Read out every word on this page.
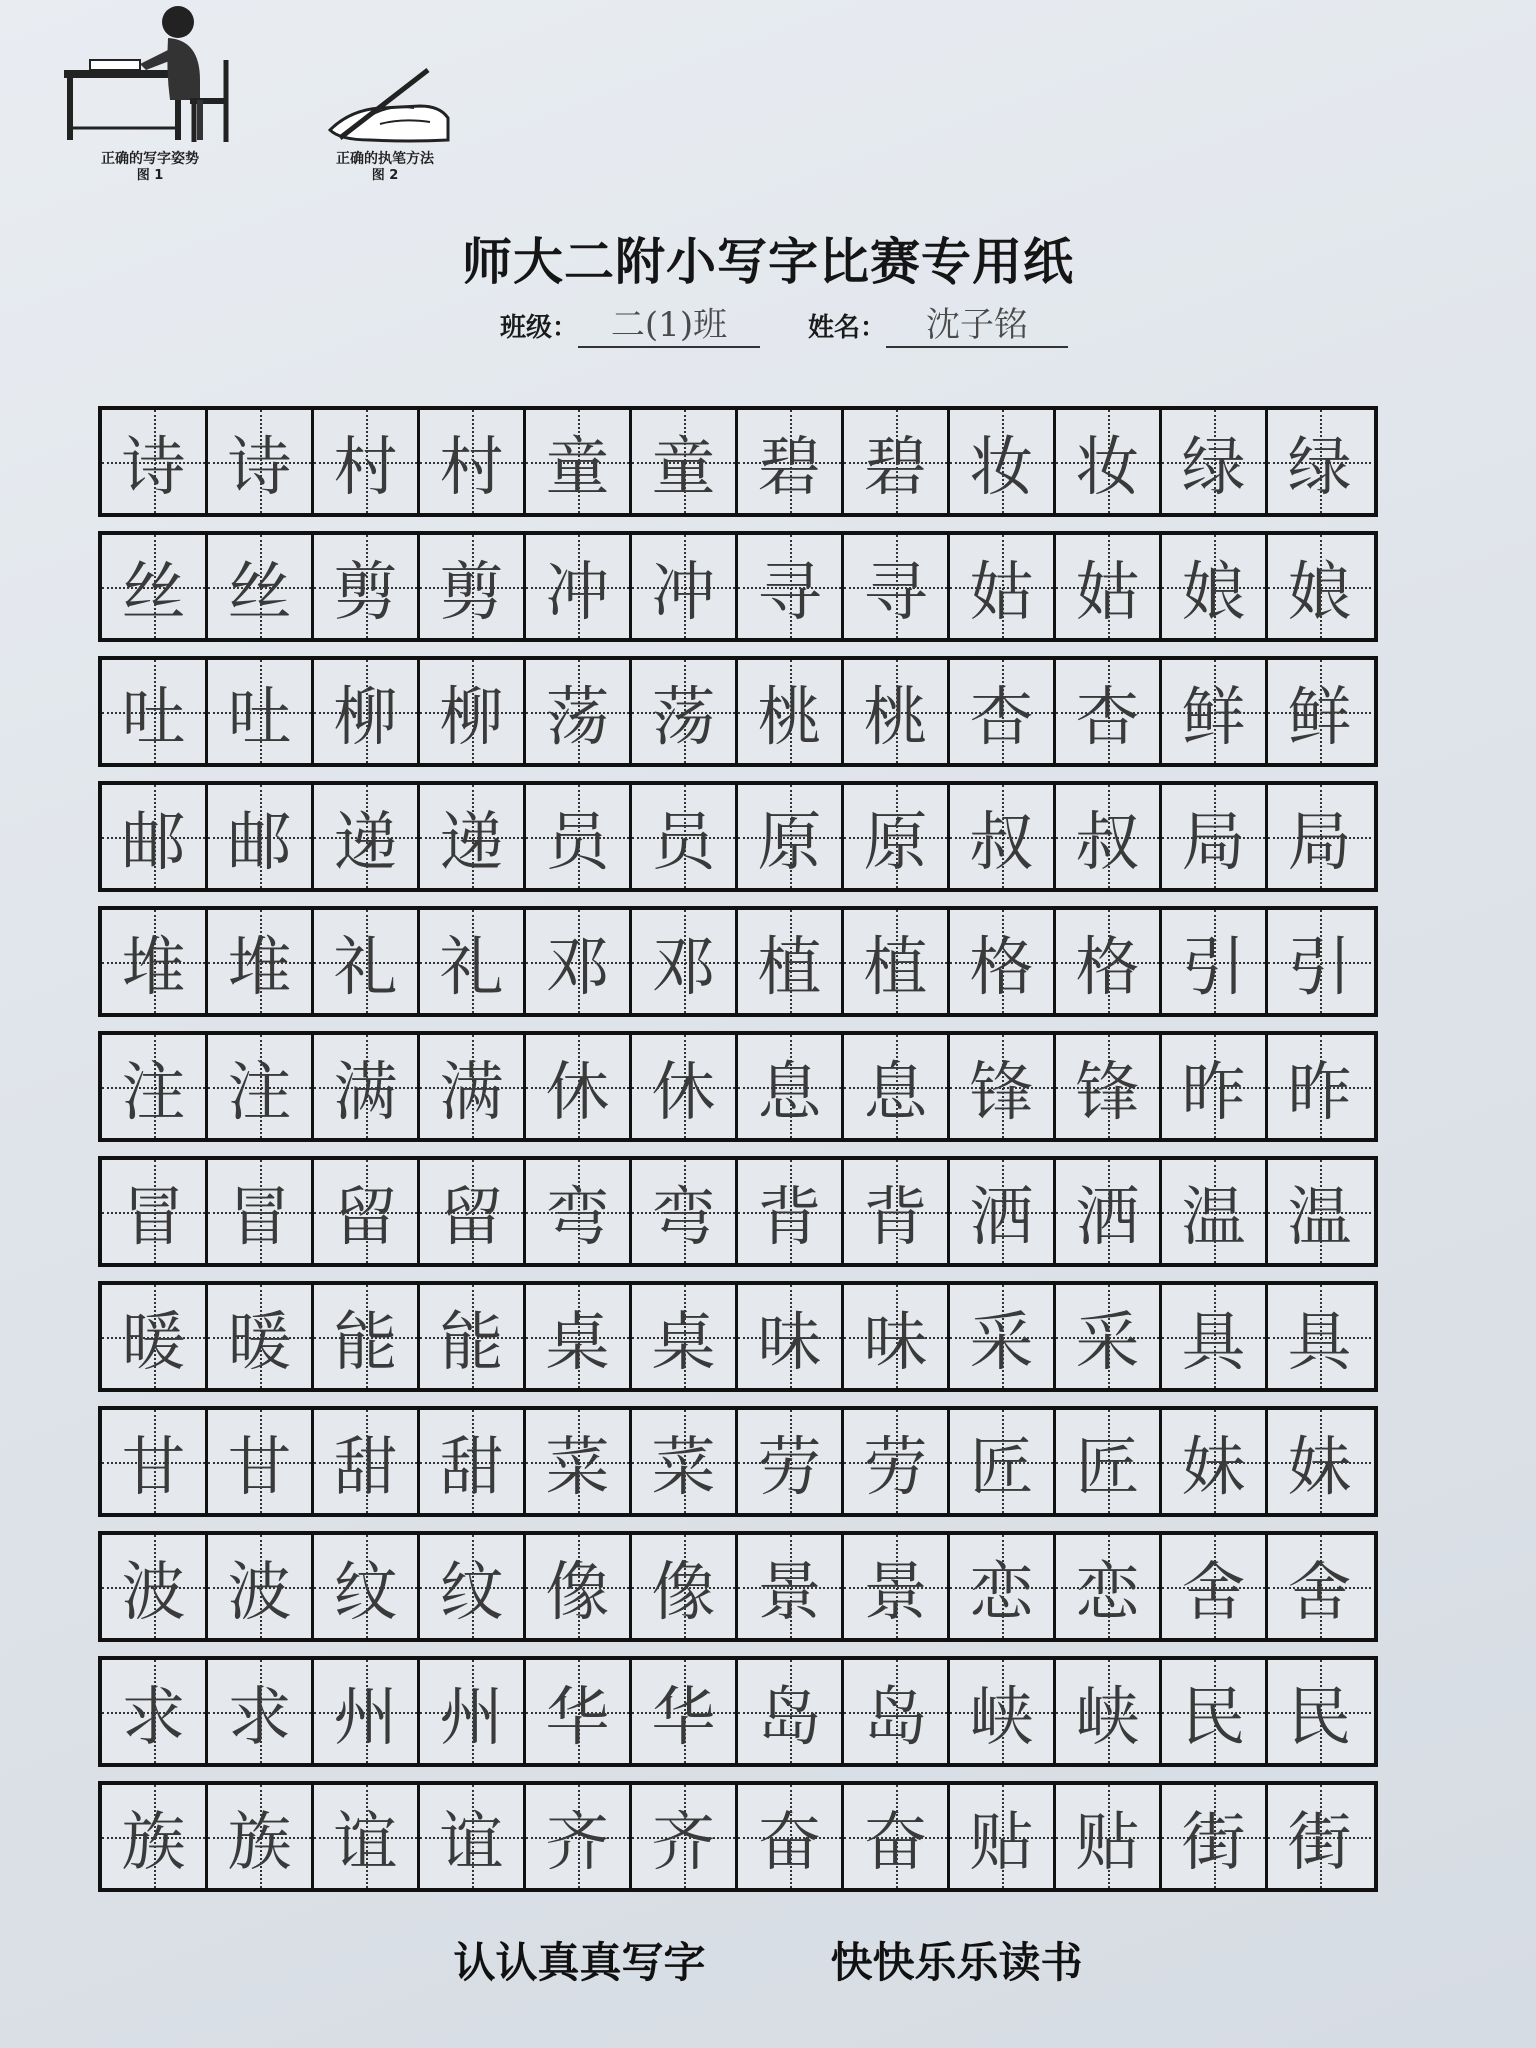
正确的写字姿势
图 1
正确的执笔方法
图 2
师大二附小写字比赛专用纸
班级： 二(1)班	姓名：	沈子铭
诗 诗 村 村 童 童 碧 碧 妆 妆 绿 绿
丝 丝 剪 剪 冲 冲 寻 寻 姑 姑 娘 娘
吐 吐 柳 柳 荡 荡 桃 桃 杏 杏 鲜 鲜
邮 邮 递 递 员 员 原 原 叔 叔 局 局
堆 堆 礼 礼 邓 邓 植 植 格 格 引 引
注 注 满 满 休 休 息 息 锋 锋 昨 昨
冒 冒 留 留 弯 弯 背 背 洒 洒 温 温
暖 暖 能 能 桌 桌 味 味 采 采 具 具
甘 甘 甜 甜 菜 菜 劳 劳 匠 匠 妹 妹
波 波 纹 纹 像 像 景 景 恋 恋 舍 舍
求 求 州 州 华 华 岛 岛 峡 峡 民 民
族 族 谊 谊 齐 齐 奋 奋 贴 贴 街 街
认认真真写字	快快乐乐读书
